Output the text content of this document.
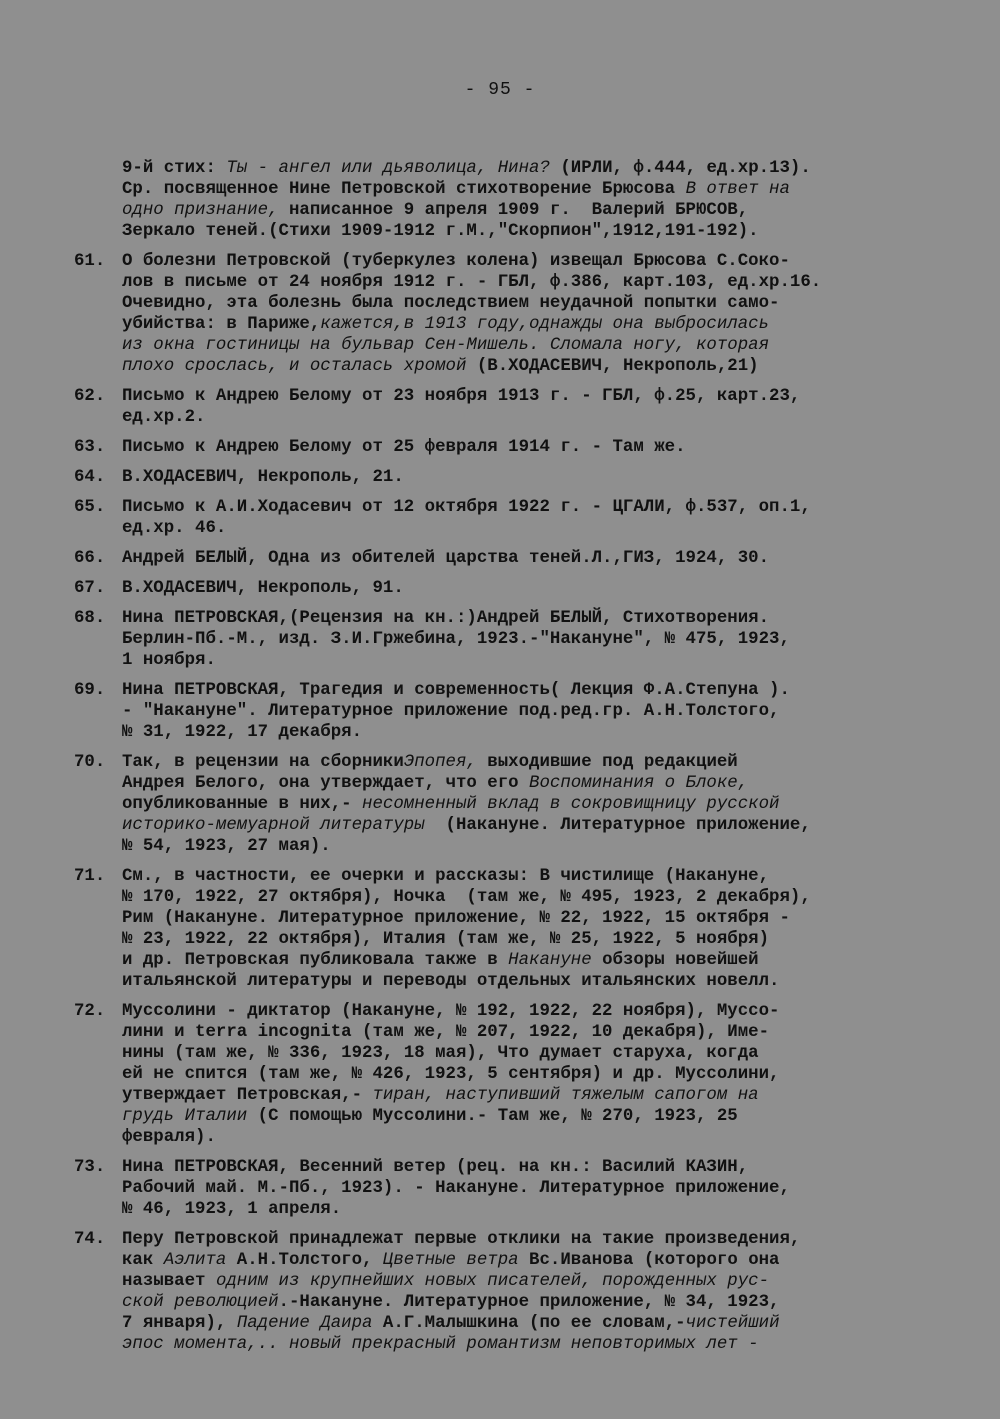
- 95 -
9-й стих: Ты - ангел или дьяволица, Нина? (ИРЛИ, ф.444, ед.хр.13).
Ср. посвященное Нине Петровской стихотворение Брюсова В ответ на
одно признание, написанное 9 апреля 1909 г.  Валерий БРЮСОВ,
Зеркало теней.(Стихи 1909-1912 г.М.,"Скорпион",1912,191-192).
61. О болезни Петровской (туберкулез колена) извещал Брюсова С.Соко-
лов в письме от 24 ноября 1912 г. - ГБЛ, ф.386, карт.103, ед.хр.16.
Очевидно, эта болезнь была последствием неудачной попытки само-
убийства: в Париже,кажется,в 1913 году,однажды она выбросилась
из окна гостиницы на бульвар Сен-Мишель. Сломала ногу, которая
плохо срослась, и осталась хромой (В.ХОДАСЕВИЧ, Некрополь,21)
62. Письмо к Андрею Белому от 23 ноября 1913 г. - ГБЛ, ф.25, карт.23,
ед.хр.2.
63. Письмо к Андрею Белому от 25 февраля 1914 г. - Там же.
64. В.ХОДАСЕВИЧ, Некрополь, 21.
65. Письмо к А.И.Ходасевич от 12 октября 1922 г. - ЦГАЛИ, ф.537, оп.1,
ед.хр. 46.
66. Андрей БЕЛЫЙ, Одна из обителей царства теней.Л.,ГИЗ, 1924, 30.
67. В.ХОДАСЕВИЧ, Некрополь, 91.
68. Нина ПЕТРОВСКАЯ,(Рецензия на кн.:)Андрей БЕЛЫЙ, Стихотворения.
Берлин-Пб.-М., изд. З.И.Гржебина, 1923.-"Накануне", № 475, 1923,
1 ноября.
69. Нина ПЕТРОВСКАЯ, Трагедия и современность( Лекция Ф.А.Степуна ).
- "Накануне". Литературное приложение под.ред.гр. А.Н.Толстого,
№ 31, 1922, 17 декабря.
70. Так, в рецензии на сборникиЭпопея, выходившие под редакцией
Андрея Белого, она утверждает, что его Воспоминания о Блоке,
опубликованные в них,- несомненный вклад в сокровищницу русской
историко-мемуарной литературы  (Накануне. Литературное приложение,
№ 54, 1923, 27 мая).
71. См., в частности, ее очерки и рассказы: В чистилище (Накануне,
№ 170, 1922, 27 октября), Ночка  (там же, № 495, 1923, 2 декабря),
Рим (Накануне. Литературное приложение, № 22, 1922, 15 октября -
№ 23, 1922, 22 октября), Италия (там же, № 25, 1922, 5 ноября)
и др. Петровская публиковала также в Накануне обзоры новейшей
итальянской литературы и переводы отдельных итальянских новелл.
72. Муссолини - диктатор (Накануне, № 192, 1922, 22 ноября), Муссо-
лини и terra incognita (там же, № 207, 1922, 10 декабря), Име-
нины (там же, № 336, 1923, 18 мая), Что думает старуха, когда
ей не спится (там же, № 426, 1923, 5 сентября) и др. Муссолини,
утверждает Петровская,- тиран, наступивший тяжелым сапогом на
грудь Италии (С помощью Муссолини.- Там же, № 270, 1923, 25
февраля).
73. Нина ПЕТРОВСКАЯ, Весенний ветер (рец. на кн.: Василий КАЗИН,
Рабочий май. М.-Пб., 1923). - Накануне. Литературное приложение,
№ 46, 1923, 1 апреля.
74. Перу Петровской принадлежат первые отклики на такие произведения,
как Аэлита А.Н.Толстого, Цветные ветра Вс.Иванова (которого она
называет одним из крупнейших новых писателей, порожденных рус-
ской революцией.-Накануне. Литературное приложение, № 34, 1923,
7 января), Падение Даира А.Г.Малышкина (по ее словам,-чистейший
эпос момента,.. новый прекрасный романтизм неповторимых лет -
